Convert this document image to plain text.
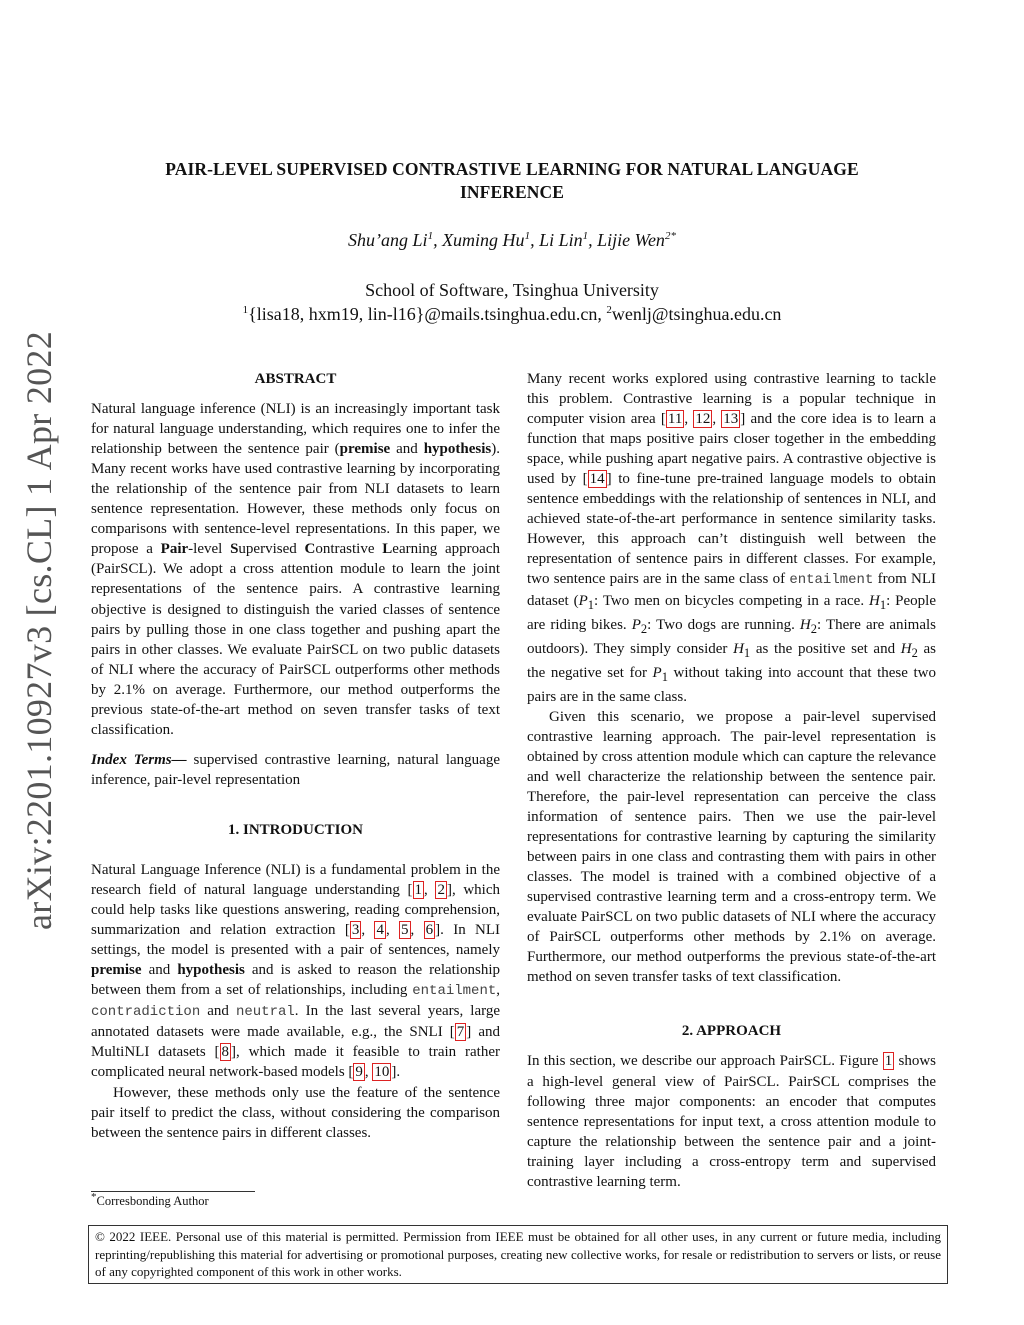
arXiv:2201.10927v3 [cs.CL] 1 Apr 2022
PAIR-LEVEL SUPERVISED CONTRASTIVE LEARNING FOR NATURAL LANGUAGE
INFERENCE
Shu’ang Li$^1$, Xuming Hu$^1$, Li Lin$^1$, Lijie Wen$^{2*}$
School of Software, Tsinghua University
$^1${lisa18, hxm19, lin-l16}@mails.tsinghua.edu.cn, $^2$wenlj@tsinghua.edu.cn
ABSTRACT

Natural language inference (NLI) is an increasingly important task for natural language understanding, which requires one to infer the relationship between the sentence pair (premise and hypothesis). Many recent works have used contrastive learning by incorporating the relationship of the sentence pair from NLI datasets to learn sentence representation. However, these methods only focus on comparisons with sentence-level representations. In this paper, we propose a Pair-level Supervised Contrastive Learning approach (PairSCL). We adopt a cross attention module to learn the joint representations of the sentence pairs. A contrastive learning objective is designed to distinguish the varied classes of sentence pairs by pulling those in one class together and pushing apart the pairs in other classes. We evaluate PairSCL on two public datasets of NLI where the accuracy of PairSCL outperforms other methods by 2.1% on average. Furthermore, our method outperforms the previous state-of-the-art method on seven transfer tasks of text classification.

Index Terms— supervised contrastive learning, natural language inference, pair-level representation

1. INTRODUCTION

Natural Language Inference (NLI) is a fundamental problem in the research field of natural language understanding [ 1 , 2 ], which could help tasks like questions answering, reading comprehension, summarization and relation extraction [ 3 , 4 , 5 , 6 ]. In NLI settings, the model is presented with a pair of sentences, namely premise and hypothesis and is asked to reason the relationship between them from a set of relationships, including entailment, contradiction and neutral. In the last several years, large annotated datasets were made available, e.g., the SNLI [ 7 ] and MultiNLI datasets [ 8 ], which made it feasible to train rather complicated neural network-based models [ 9 , 10 ].

However, these methods only use the feature of the sentence pair itself to predict the class, without considering the comparison between the sentence pairs in different classes.

Many recent works explored using contrastive learning to tackle this problem. Contrastive learning is a popular technique in computer vision area [ 11 , 12 , 13 ] and the core idea is to learn a function that maps positive pairs closer together in the embedding space, while pushing apart negative pairs. A contrastive objective is used by [ 14 ] to fine-tune pre-trained language models to obtain sentence embeddings with the relationship of sentences in NLI, and achieved state-of-the-art performance in sentence similarity tasks. However, this approach can’t distinguish well between the representation of sentence pairs in different classes. For example, two sentence pairs are in the same class of entailment from NLI dataset ($P_1$: Two men on bicycles competing in a race. $H_1$: People are riding bikes. $P_2$: Two dogs are running. $H_2$: There are animals outdoors). They simply consider $H_1$ as the positive set and $H_2$ as the negative set for $P_1$ without taking into account that these two pairs are in the same class.

Given this scenario, we propose a pair-level supervised contrastive learning approach. The pair-level representation is obtained by cross attention module which can capture the relevance and well characterize the relationship between the sentence pair. Therefore, the pair-level representation can perceive the class information of sentence pairs. Then we use the pair-level representations for contrastive learning by capturing the similarity between pairs in one class and contrasting them with pairs in other classes. The model is trained with a combined objective of a supervised contrastive learning term and a cross-entropy term. We evaluate PairSCL on two public datasets of NLI where the accuracy of PairSCL outperforms other methods by 2.1% on average. Furthermore, our method outperforms the previous state-of-the-art method on seven transfer tasks of text classification.

2. APPROACH

In this section, we describe our approach PairSCL. Figure 1 shows a high-level general view of PairSCL. PairSCL comprises the following three major components: an encoder that computes sentence representations for input text, a cross attention module to capture the relationship between the sentence pair and a joint-training layer including a cross-entropy term and supervised contrastive learning term.

*Corresbonding Author
© 2022 IEEE. Personal use of this material is permitted. Permission from IEEE must be obtained for all other uses, in any current or future media, including reprinting/republishing this material for advertising or promotional purposes, creating new collective works, for resale or redistribution to servers or lists, or reuse of any copyrighted component of this work in other works.
